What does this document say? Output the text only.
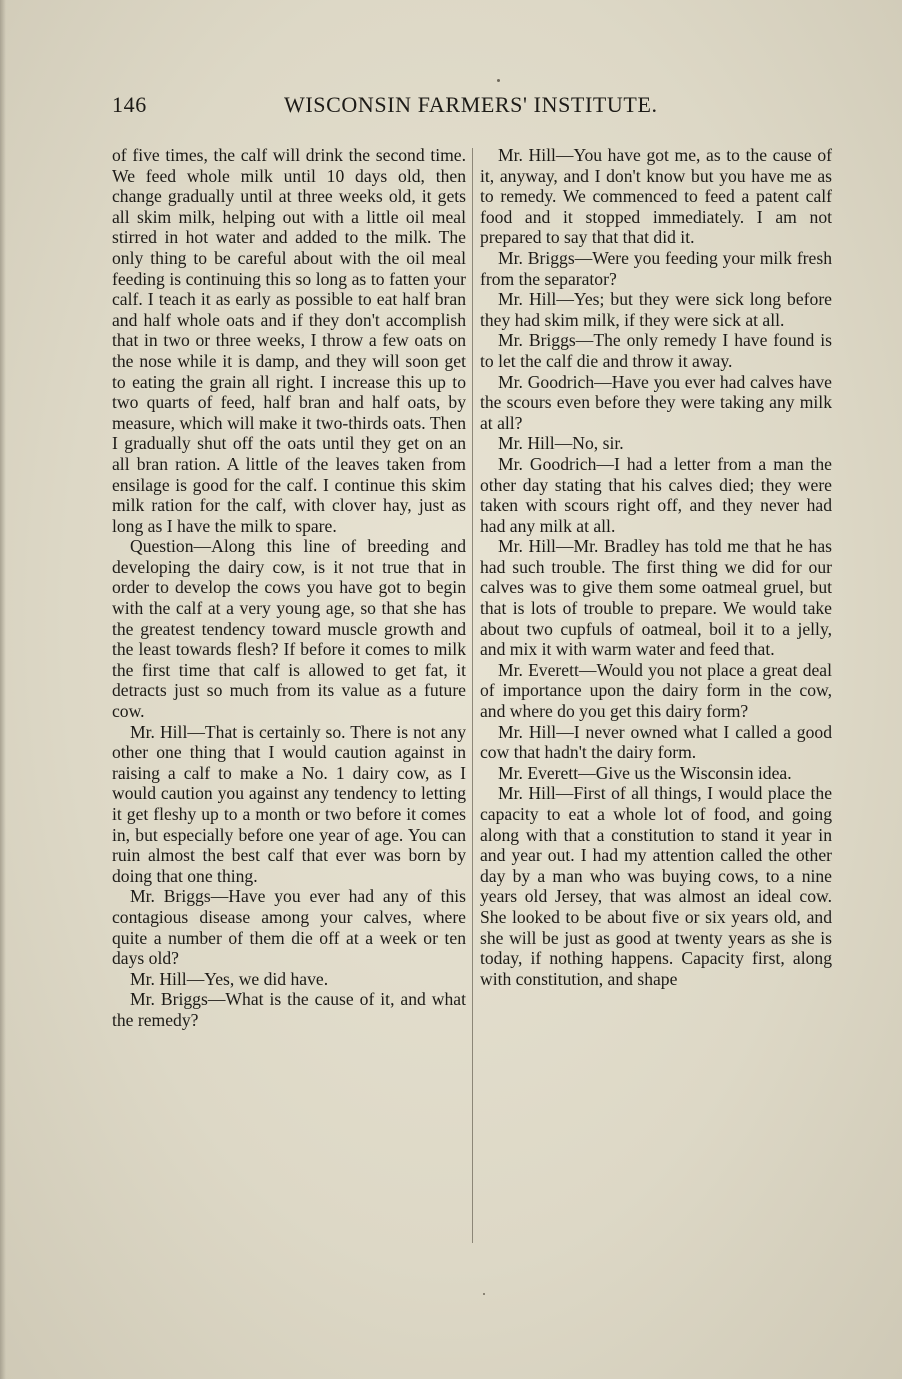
146	WISCONSIN FARMERS' INSTITUTE.

of five times, the calf will drink the second time. We feed whole milk until 10 days old, then change gradually until at three weeks old, it gets all skim milk, helping out with a little oil meal stirred in hot water and added to the milk. The only thing to be careful about with the oil meal feeding is continuing this so long as to fatten your calf. I teach it as early as possible to eat half bran and half whole oats and if they don't accomplish that in two or three weeks, I throw a few oats on the nose while it is damp, and they will soon get to eating the grain all right. I increase this up to two quarts of feed, half bran and half oats, by measure, which will make it two-thirds oats. Then I gradually shut off the oats until they get on an all bran ration. A little of the leaves taken from ensilage is good for the calf. I continue this skim milk ration for the calf, with clover hay, just as long as I have the milk to spare.

Question—Along this line of breeding and developing the dairy cow, is it not true that in order to develop the cows you have got to begin with the calf at a very young age, so that she has the greatest tendency toward muscle growth and the least towards flesh? If before it comes to milk the first time that calf is allowed to get fat, it detracts just so much from its value as a future cow.

Mr. Hill—That is certainly so. There is not any other one thing that I would caution against in raising a calf to make a No. 1 dairy cow, as I would caution you against any tendency to letting it get fleshy up to a month or two before it comes in, but especially before one year of age. You can ruin almost the best calf that ever was born by doing that one thing.

Mr. Briggs—Have you ever had any of this contagious disease among your calves, where quite a number of them die off at a week or ten days old?

Mr. Hill—Yes, we did have.

Mr. Briggs—What is the cause of it, and what the remedy?

Mr. Hill—You have got me, as to the cause of it, anyway, and I don't know but you have me as to remedy. We commenced to feed a patent calf food and it stopped immediately. I am not prepared to say that that did it.

Mr. Briggs—Were you feeding your milk fresh from the separator?

Mr. Hill—Yes; but they were sick long before they had skim milk, if they were sick at all.

Mr. Briggs—The only remedy I have found is to let the calf die and throw it away.

Mr. Goodrich—Have you ever had calves have the scours even before they were taking any milk at all?

Mr. Hill—No, sir.

Mr. Goodrich—I had a letter from a man the other day stating that his calves died; they were taken with scours right off, and they never had had any milk at all.

Mr. Hill—Mr. Bradley has told me that he has had such trouble. The first thing we did for our calves was to give them some oatmeal gruel, but that is lots of trouble to prepare. We would take about two cupfuls of oatmeal, boil it to a jelly, and mix it with warm water and feed that.

Mr. Everett—Would you not place a great deal of importance upon the dairy form in the cow, and where do you get this dairy form?

Mr. Hill—I never owned what I called a good cow that hadn't the dairy form.

Mr. Everett—Give us the Wisconsin idea.

Mr. Hill—First of all things, I would place the capacity to eat a whole lot of food, and going along with that a constitution to stand it year in and year out. I had my attention called the other day by a man who was buying cows, to a nine years old Jersey, that was almost an ideal cow. She looked to be about five or six years old, and she will be just as good at twenty years as she is today, if nothing happens. Capacity first, along with constitution, and shape
